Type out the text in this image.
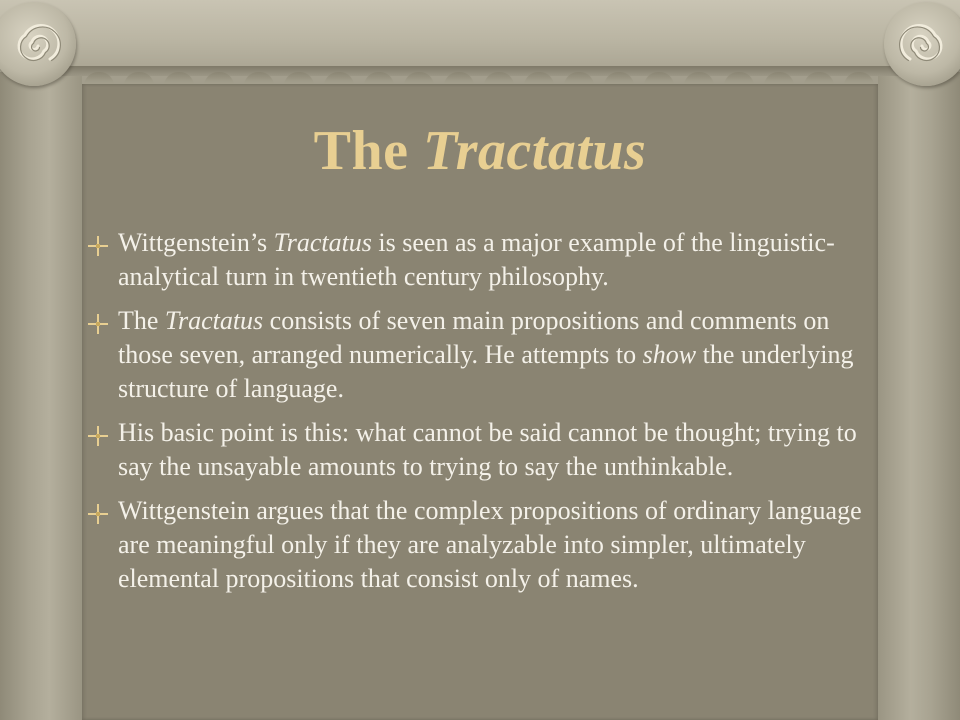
The Tractatus
Wittgenstein’s Tractatus is seen as a major example of the linguistic-analytical turn in twentieth century philosophy.
The Tractatus consists of seven main propositions and comments on those seven, arranged numerically. He attempts to show the underlying structure of language.
His basic point is this: what cannot be said cannot be thought; trying to say the unsayable amounts to trying to say the unthinkable.
Wittgenstein argues that the complex propositions of ordinary language are meaningful only if they are analyzable into simpler, ultimately elemental propositions that consist only of names.
